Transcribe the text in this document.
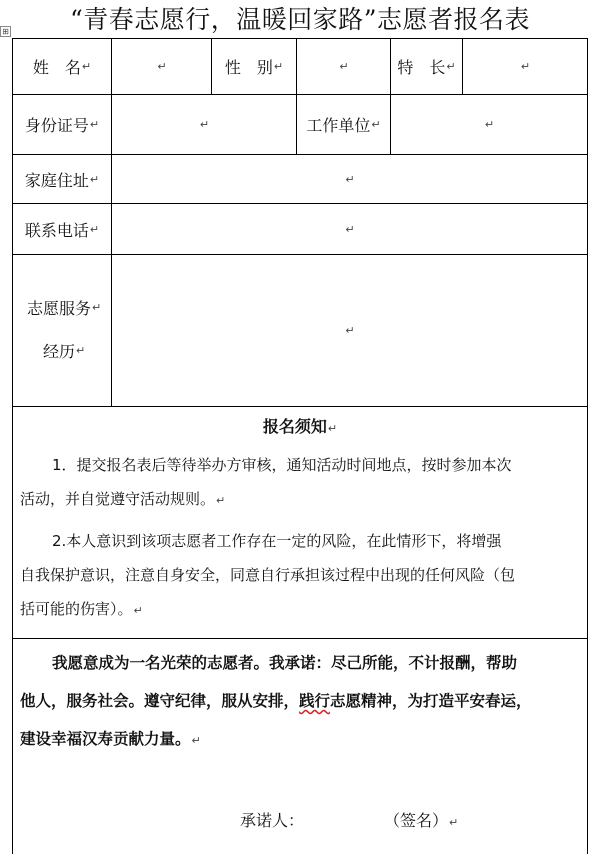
⊞	“青春志愿行，温暖回家路”志愿者报名表
姓　名 ↵	↵	性　别 ↵	↵	特　长 ↵	↵
身份证号 ↵	↵	工作单位 ↵	↵
家庭住址 ↵	↵
联系电话 ↵	↵
志愿服务 ↵
经历 ↵
↵
报名须知↵
1．提交报名表后等待举办方审核，通知活动时间地点，按时参加本次
活动，并自觉遵守活动规则。↵
2.本人意识到该项志愿者工作存在一定的风险，在此情形下，将增强
自我保护意识，注意自身安全，同意自行承担该过程中出现的任何风险（包
括可能的伤害）。↵
我愿意成为一名光荣的志愿者。我承诺：尽己所能，不计报酬，帮助
他人，服务社会。遵守纪律，服从安排，践行志愿精神，为打造平安春运，
建设幸福汉寿贡献力量。↵
承诺人：	（签名）↵
